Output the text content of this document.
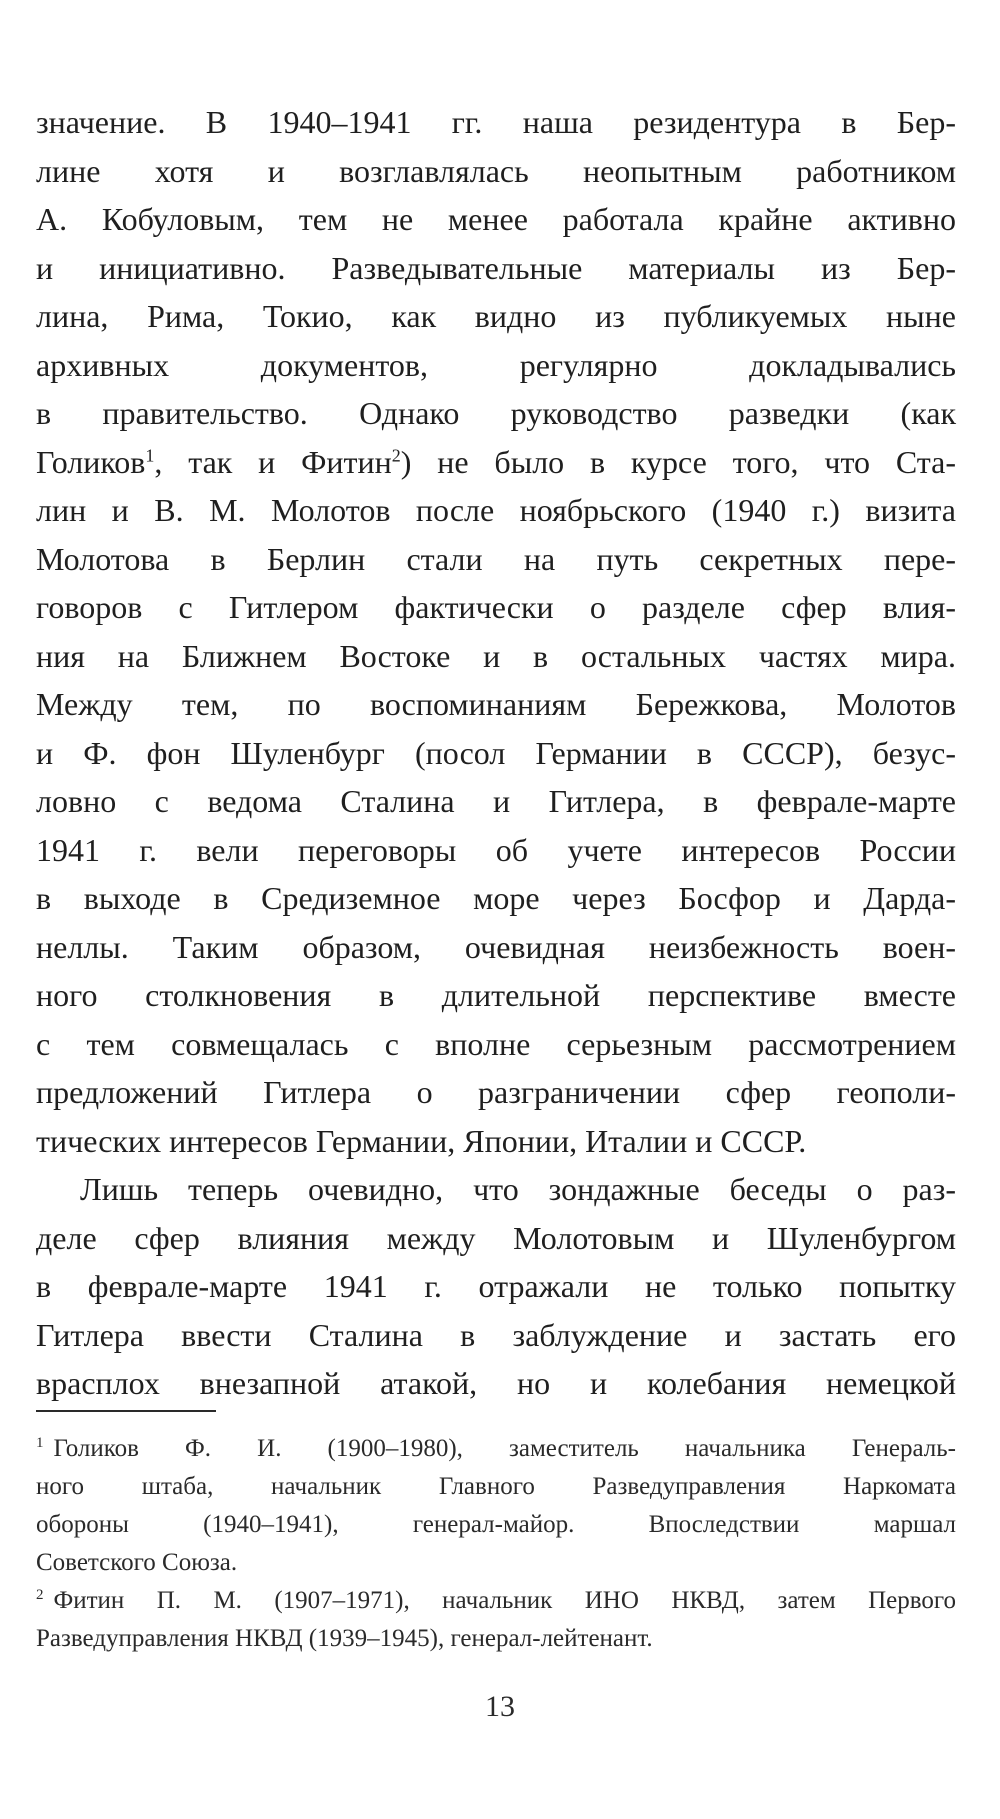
значение. В 1940–1941 гг. наша резидентура в Бер-
лине хотя и возглавлялась неопытным работником
А. Кобуловым, тем не менее работала крайне активно
и инициативно. Разведывательные материалы из Бер-
лина, Рима, Токио, как видно из публикуемых ныне
архивных документов, регулярно докладывались
в правительство. Однако руководство разведки (как
Голиков$^1$, так и Фитин$^2$) не было в курсе того, что Ста-
лин и В. М. Молотов после ноябрьского (1940 г.) визита
Молотова в Берлин стали на путь секретных пере-
говоров с Гитлером фактически о разделе сфер влия-
ния на Ближнем Востоке и в остальных частях мира.
Между тем, по воспоминаниям Бережкова, Молотов
и Ф. фон Шуленбург (посол Германии в СССР), безус-
ловно с ведома Сталина и Гитлера, в феврале-марте
1941 г. вели переговоры об учете интересов России
в выходе в Средиземное море через Босфор и Дарда-
неллы. Таким образом, очевидная неизбежность воен-
ного столкновения в длительной перспективе вместе
с тем совмещалась с вполне серьезным рассмотрением
предложений Гитлера о разграничении сфер геополи-
тических интересов Германии, Японии, Италии и СССР.
Лишь теперь очевидно, что зондажные беседы о раз-
деле сфер влияния между Молотовым и Шуленбургом
в феврале-марте 1941 г. отражали не только попытку
Гитлера ввести Сталина в заблуждение и застать его
врасплох внезапной атакой, но и колебания немецкой
$^1$ Голиков Ф. И. (1900–1980), заместитель начальника Генераль-
ного штаба, начальник Главного Разведуправления Наркомата
обороны (1940–1941), генерал-майор. Впоследствии маршал
Советского Союза.
$^2$ Фитин П. М. (1907–1971), начальник ИНО НКВД, затем Первого
Разведуправления НКВД (1939–1945), генерал-лейтенант.
13
